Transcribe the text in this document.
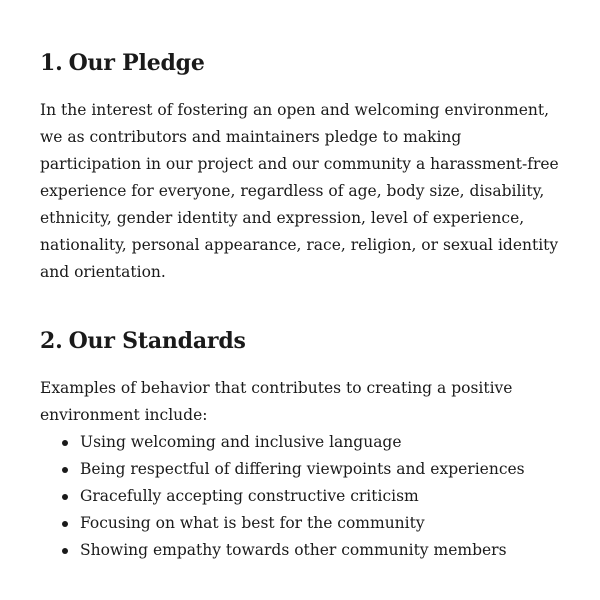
1. Our Pledge

In the interest of fostering an open and welcoming environment, we as contributors and maintainers pledge to making participation in our project and our community a harassment-free experience for everyone, regardless of age, body size, disability, ethnicity, gender identity and expression, level of experience, nationality, personal appearance, race, religion, or sexual identity and orientation.

2. Our Standards

Examples of behavior that contributes to creating a positive environment include:

Using welcoming and inclusive language
Being respectful of differing viewpoints and experiences
Gracefully accepting constructive criticism
Focusing on what is best for the community
Showing empathy towards other community members
